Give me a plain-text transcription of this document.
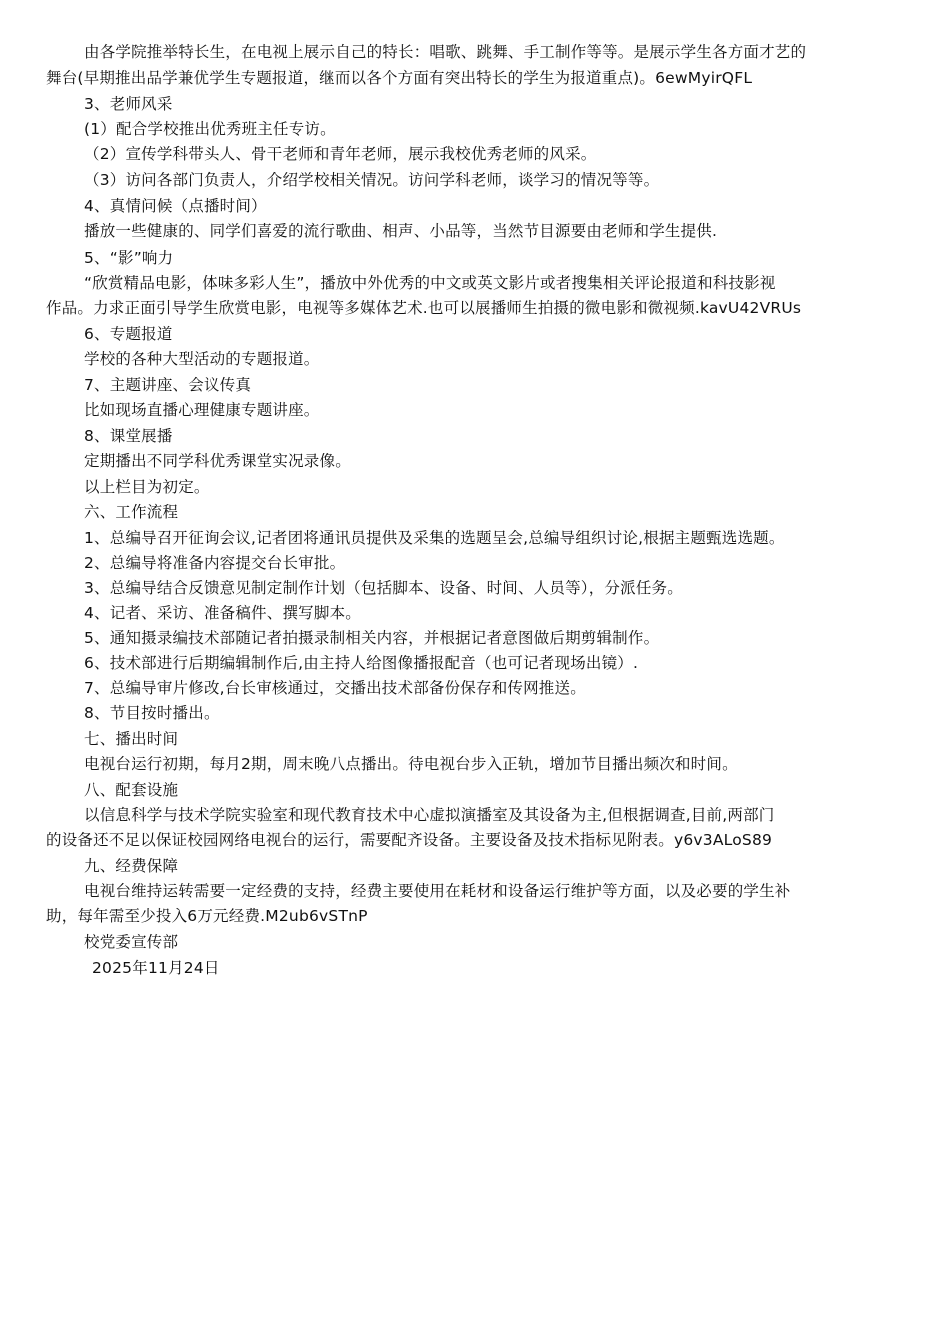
由各学院推举特长生，在电视上展示自己的特长：唱歌、跳舞、手工制作等等。是展示学生各方面才艺的
舞台(早期推出品学兼优学生专题报道，继而以各个方面有突出特长的学生为报道重点)。6ewMyirQFL
3、老师风采
(1）配合学校推出优秀班主任专访。
（2）宣传学科带头人、骨干老师和青年老师，展示我校优秀老师的风采。
（3）访问各部门负责人，介绍学校相关情况。访问学科老师，谈学习的情况等等。
4、真情问候（点播时间）
播放一些健康的、同学们喜爱的流行歌曲、相声、小品等，当然节目源要由老师和学生提供.
5、“影”响力
“欣赏精品电影，体味多彩人生”，播放中外优秀的中文或英文影片或者搜集相关评论报道和科技影视
作品。力求正面引导学生欣赏电影，电视等多媒体艺术.也可以展播师生拍摄的微电影和微视频.kavU42VRUs
6、专题报道
学校的各种大型活动的专题报道。
7、主题讲座、会议传真
比如现场直播心理健康专题讲座。
8、课堂展播
定期播出不同学科优秀课堂实况录像。
以上栏目为初定。
六、工作流程
1、总编导召开征询会议,记者团将通讯员提供及采集的选题呈会,总编导组织讨论,根据主题甄选选题。
2、总编导将准备内容提交台长审批。
3、总编导结合反馈意见制定制作计划（包括脚本、设备、时间、人员等），分派任务。
4、记者、采访、准备稿件、撰写脚本。
5、通知摄录编技术部随记者拍摄录制相关内容，并根据记者意图做后期剪辑制作。
6、技术部进行后期编辑制作后,由主持人给图像播报配音（也可记者现场出镜）.
7、总编导审片修改,台长审核通过，交播出技术部备份保存和传网推送。
8、节目按时播出。
七、播出时间
电视台运行初期，每月2期，周末晚八点播出。待电视台步入正轨，增加节目播出频次和时间。
八、配套设施
以信息科学与技术学院实验室和现代教育技术中心虚拟演播室及其设备为主,但根据调查,目前,两部门
的设备还不足以保证校园网络电视台的运行，需要配齐设备。主要设备及技术指标见附表。y6v3ALoS89
九、经费保障
电视台维持运转需要一定经费的支持，经费主要使用在耗材和设备运行维护等方面，以及必要的学生补
助，每年需至少投入6万元经费.M2ub6vSTnP
校党委宣传部
2025年11月24日
